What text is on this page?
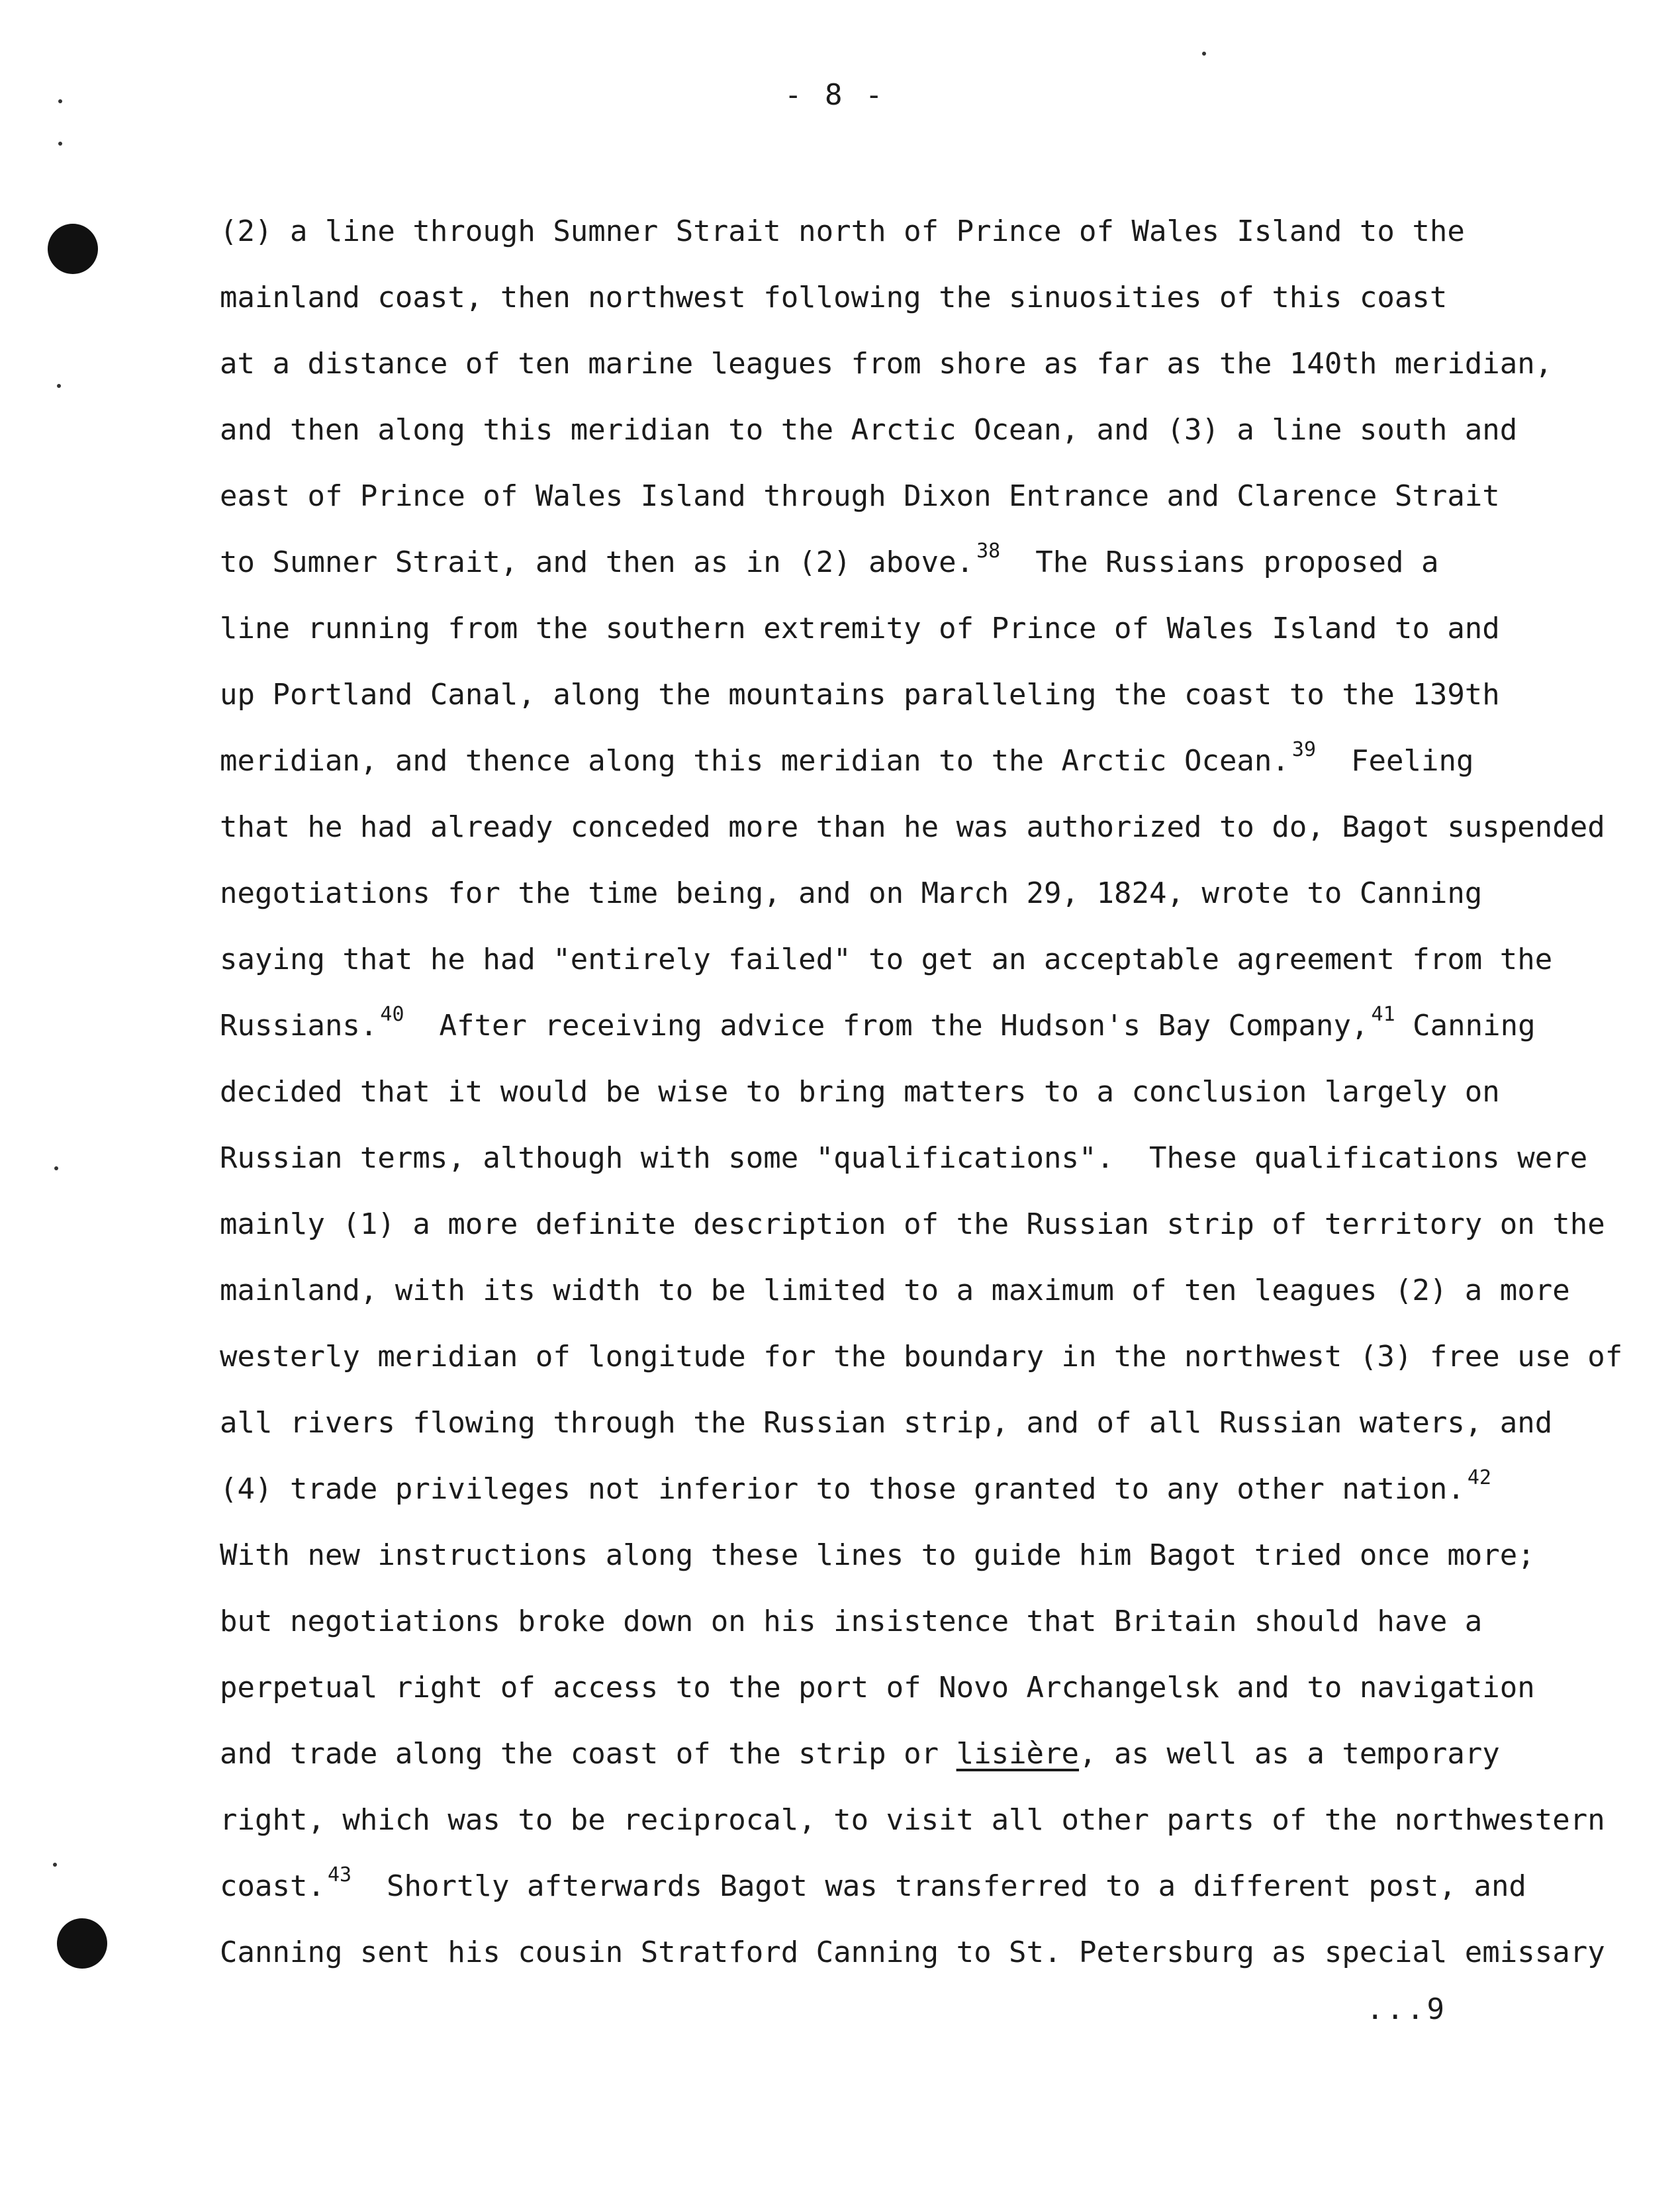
- 8 -
(2) a line through Sumner Strait north of Prince of Wales Island to the
mainland coast, then northwest following the sinuosities of this coast
at a distance of ten marine leagues from shore as far as the 140th meridian,
and then along this meridian to the Arctic Ocean, and (3) a line south and
east of Prince of Wales Island through Dixon Entrance and Clarence Strait
to Sumner Strait, and then as in (2) above. $^{38}$  The Russians proposed a
line running from the southern extremity of Prince of Wales Island to and
up Portland Canal, along the mountains paralleling the coast to the 139th
meridian, and thence along this meridian to the Arctic Ocean. $^{39}$  Feeling
that he had already conceded more than he was authorized to do, Bagot suspended
negotiations for the time being, and on March 29, 1824, wrote to Canning
saying that he had "entirely failed" to get an acceptable agreement from the
Russians. $^{40}$  After receiving advice from the Hudson's Bay Company, $^{41}$ Canning
decided that it would be wise to bring matters to a conclusion largely on
Russian terms, although with some "qualifications".  These qualifications were
mainly (1) a more definite description of the Russian strip of territory on the
mainland, with its width to be limited to a maximum of ten leagues (2) a more
westerly meridian of longitude for the boundary in the northwest (3) free use of
all rivers flowing through the Russian strip, and of all Russian waters, and
(4) trade privileges not inferior to those granted to any other nation. $^{42}$
With new instructions along these lines to guide him Bagot tried once more;
but negotiations broke down on his insistence that Britain should have a
perpetual right of access to the port of Novo Archangelsk and to navigation
and trade along the coast of the strip or lisière, as well as a temporary
right, which was to be reciprocal, to visit all other parts of the northwestern
coast. $^{43}$  Shortly afterwards Bagot was transferred to a different post, and
Canning sent his cousin Stratford Canning to St. Petersburg as special emissary
...9
